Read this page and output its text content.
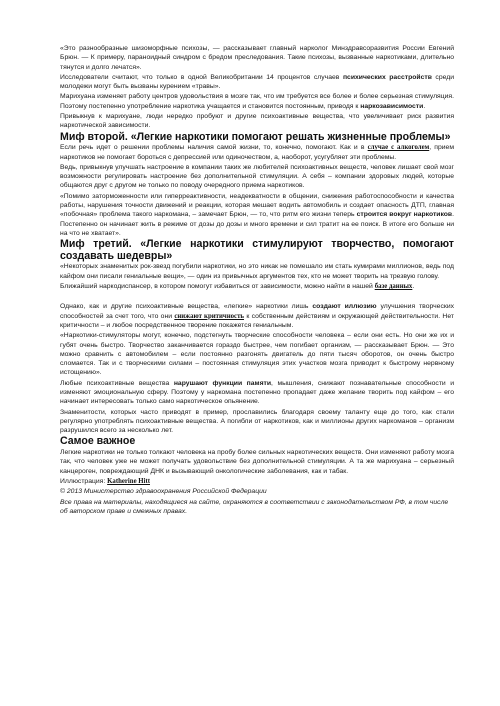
«Это разнообразные шизоморфные психозы, — рассказывает главный нарколог Минздравсоразвития России Евгений Брюн. — К примеру, параноидный синдром с бредом преследования. Такие психозы, вызванные наркотиками, длительно тянутся и долго лечатся».

Исследователи считают, что только в одной Великобритании 14 процентов случаев психических расстройств среди молодежи могут быть вызваны курением «травы».

Марихуана изменяет работу центров удовольствия в мозге так, что им требуется все более и более серьезная стимуляция. Поэтому постепенно употребление наркотика учащается и становится постоянным, приводя к наркозависимости.

Привыкнув к марихуане, люди нередко пробуют и другие психоактивные вещества, что увеличивает риск развития наркотической зависимости.

Миф второй. «Легкие наркотики помогают решать жизненные проблемы»

Если речь идет о решении проблемы наличия самой жизни, то, конечно, помогают. Как и в случае с алкоголем, прием наркотиков не помогает бороться с депрессией или одиночеством, а, наоборот, усугубляет эти проблемы.

Ведь, привыкнув улучшать настроение в компании таких же любителей психоактивных веществ, человек лишает свой мозг возможности регулировать настроение без дополнительной стимуляции. А себя – компании здоровых людей, которые общаются друг с другом не только по поводу очередного приема наркотиков.

«Помимо заторможенности или гиперреактивности, неадекватности в общении, снижения работоспособности и качества работы, нарушения точности движений и реакции, которая мешает водить автомобиль и создает опасность ДТП, главная «побочная» проблема такого наркомана, – замечает Брюн, — то, что ритм его жизни теперь строится вокруг наркотиков. Постепенно он начинает жить в режиме от дозы до дозы и много времени и сил тратит на ее поиск. В итоге его больше ни на что не хватает».

Миф третий. «Легкие наркотики стимулируют творчество, помогают создавать шедевры»

«Некоторых знаменитых рок-звезд погубили наркотики, но это никак не помешало им стать кумирами миллионов, ведь под кайфом они писали гениальные вещи», — один из привычных аргументов тех, кто не может творить на трезвую голову.

Ближайший наркодиспансер, в котором помогут избавиться от зависимости, можно найти в нашей базе данных.

Однако, как и другие психоактивные вещества, «легкие» наркотики лишь создают иллюзию улучшения творческих способностей за счет того, что они снижают критичность к собственным действиям и окружающей действительности. Нет критичности – и любое посредственное творение покажется гениальным.

«Наркотики-стимуляторы могут, конечно, подстегнуть творческие способности человека – если они есть. Но они же их и губят очень быстро. Творчество заканчивается гораздо быстрее, чем погибает организм, — рассказывает Брюн. — Это можно сравнить с автомобилем – если постоянно разгонять двигатель до пяти тысяч оборотов, он очень быстро сломается. Так и с творческими силами – постоянная стимуляция этих участков мозга приводит к быстрому нервному истощению».

Любые психоактивные вещества нарушают функции памяти, мышления, снижают познавательные способности и изменяют эмоциональную сферу. Поэтому у наркомана постепенно пропадает даже желание творить под кайфом – его начинает интересовать только само наркотическое опьянение.

Знаменитости, которых часто приводят в пример, прославились благодаря своему таланту еще до того, как стали регулярно употреблять психоактивные вещества. А погибли от наркотиков, как и миллионы других наркоманов – организм разрушился всего за несколько лет.

Самое важное

Легкие наркотики не только толкают человека на пробу более сильных наркотических веществ. Они изменяют работу мозга так, что человек уже не может получать удовольствие без дополнительной стимуляции. А та же марихуана – серьезный канцероген, повреждающий ДНК и вызывающий онкологические заболевания, как и табак.

Иллюстрация: Katherine Hitt

© 2013 Министерство здравоохранения Российской Федерации

Все права на материалы, находящиеся на сайте, охраняются в соответствии с законодательством РФ, в том числе об авторском праве и смежных правах.
